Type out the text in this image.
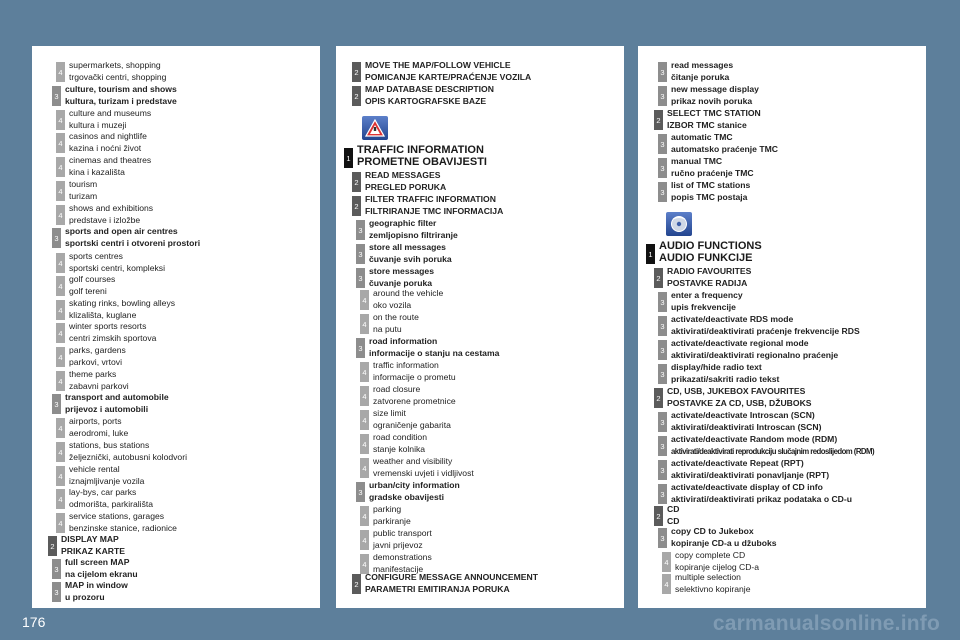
4
supermarkets, shopping
trgovački centri, shopping
3
culture, tourism and shows
kultura, turizam i predstave
4
culture and museums
kultura i muzeji
4
casinos and nightlife
kazina i noćni život
4
cinemas and theatres
kina i kazališta
4
tourism
turizam
4
shows and exhibitions
predstave i izložbe
3
sports and open air centres
sportski centri i otvoreni prostori
4
sports centres
sportski centri, kompleksi
4
golf courses
golf tereni
4
skating rinks, bowling alleys
klizališta, kuglane
4
winter sports resorts
centri zimskih sportova
4
parks, gardens
parkovi, vrtovi
4
theme parks
zabavni parkovi
3
transport and automobile
prijevoz i automobili
4
airports, ports
aerodromi, luke
4
stations, bus stations
željeznički, autobusni kolodvori
4
vehicle rental
iznajmljivanje vozila
4
lay-bys, car parks
odmorišta, parkirališta
4
service stations, garages
benzinske stanice, radionice
2
DISPLAY MAP
PRIKAZ KARTE
3
full screen MAP
na cijelom ekranu
3
MAP in window
u prozoru
2
MOVE THE MAP/FOLLOW VEHICLE
POMICANJE KARTE/PRAĆENJE VOZILA
2
MAP DATABASE DESCRIPTION
OPIS KARTOGRAFSKE BAZE
1
TRAFFIC INFORMATION
PROMETNE OBAVIJESTI
2
READ MESSAGES
PREGLED PORUKA
2
FILTER TRAFFIC INFORMATION
FILTRIRANJE TMC INFORMACIJA
3
geographic filter
zemljopisno filtriranje
3
store all messages
čuvanje svih poruka
3
store messages
čuvanje poruka
4
around the vehicle
oko vozila
4
on the route
na putu
3
road information
informacije o stanju na cestama
4
traffic information
informacije o prometu
4
road closure
zatvorene prometnice
4
size limit
ograničenje gabarita
4
road condition
stanje kolnika
4
weather and visibility
vremenski uvjeti i vidljivost
3
urban/city information
gradske obavijesti
4
parking
parkiranje
4
public transport
javni prijevoz
4
demonstrations
manifestacije
2
CONFIGURE MESSAGE ANNOUNCEMENT
PARAMETRI EMITIRANJA PORUKA
3
read messages
čitanje poruka
3
new message display
prikaz novih poruka
2
SELECT TMC STATION
IZBOR TMC stanice
3
automatic TMC
automatsko praćenje TMC
3
manual TMC
ručno praćenje TMC
3
list of TMC stations
popis TMC postaja
1
AUDIO FUNCTIONS
AUDIO FUNKCIJE
2
RADIO FAVOURITES
POSTAVKE RADIJA
3
enter a frequency
upis frekvencije
3
activate/deactivate RDS mode
aktivirati/deaktivirati praćenje frekvencije RDS
3
activate/deactivate regional mode
aktivirati/deaktivirati regionalno praćenje
3
display/hide radio text
prikazati/sakriti radio tekst
2
CD, USB, JUKEBOX FAVOURITES
POSTAVKE ZA CD, USB, DŽUBOKS
3
activate/deactivate Introscan (SCN)
aktivirati/deaktivirati Introscan (SCN)
3
activate/deactivate Random mode (RDM)
aktivirati/deaktivirati reprodukciju slučajnim redoslijedom (RDM)
3
activate/deactivate Repeat (RPT)
aktivirati/deaktivirati ponavljanje (RPT)
3
activate/deactivate display of CD info
aktivirati/deaktivirati prikaz podataka o CD-u
2
CD
CD
3
copy CD to Jukebox
kopiranje CD-a u džuboks
4
copy complete CD
kopiranje cijelog CD-a
4
multiple selection
selektivno kopiranje
176	carmanualsonline.info
